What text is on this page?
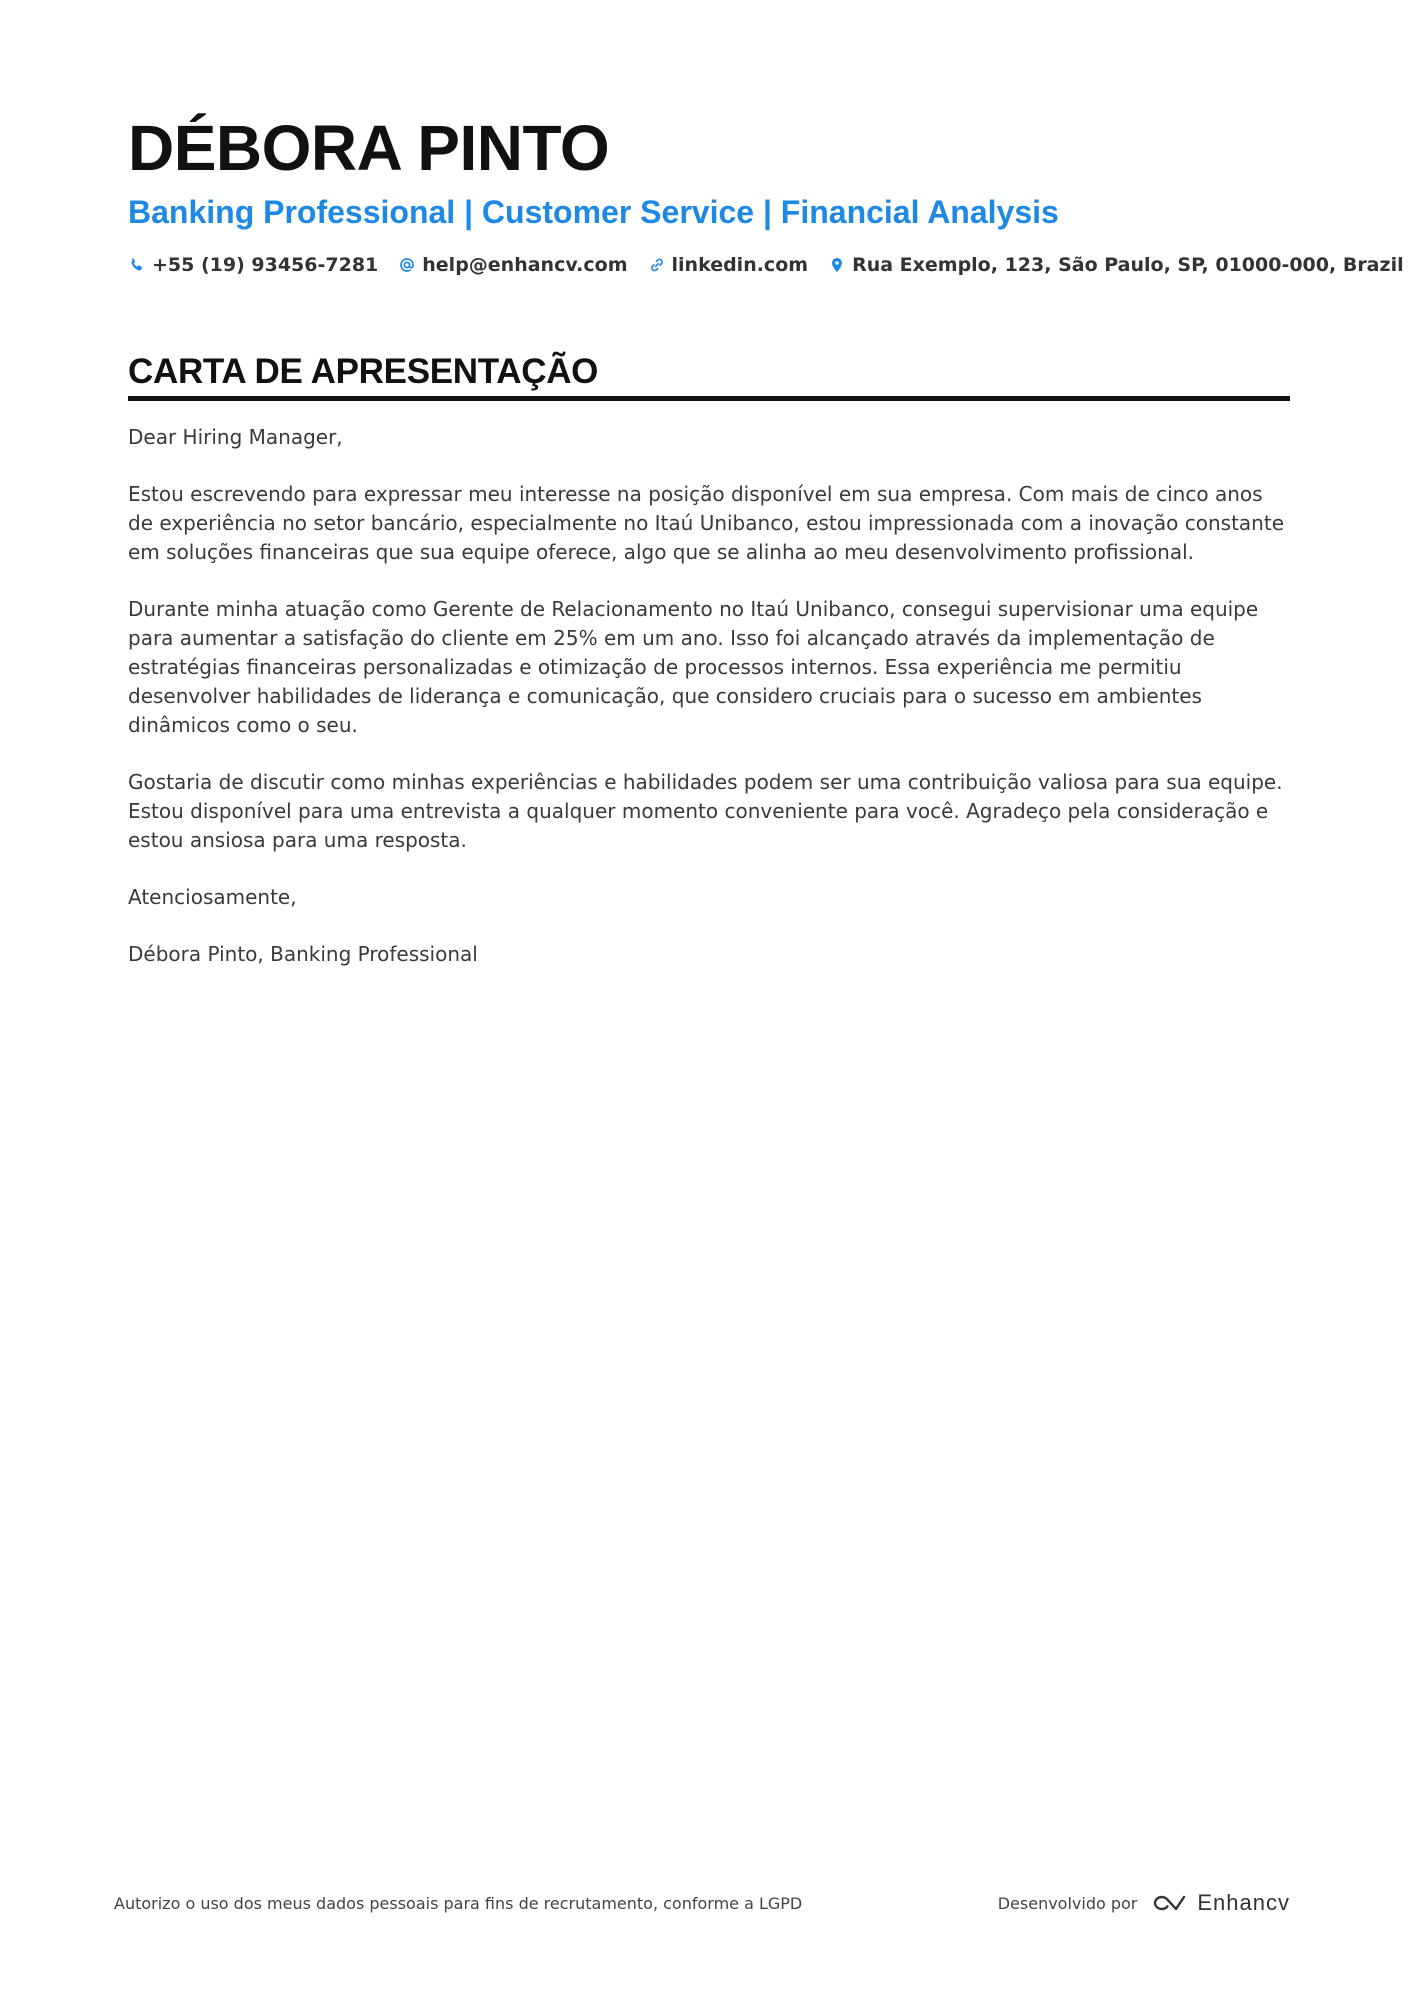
DÉBORA PINTO
Banking Professional | Customer Service | Financial Analysis
+55 (19) 93456-7281 help@enhancv.com linkedin.com Rua Exemplo, 123, São Paulo, SP, 01000-000, Brazil
CARTA DE APRESENTAÇÃO

Dear Hiring Manager,

Estou escrevendo para expressar meu interesse na posição disponível em sua empresa. Com mais de cinco anos de experiência no setor bancário, especialmente no Itaú Unibanco, estou impressionada com a inovação constante em soluções financeiras que sua equipe oferece, algo que se alinha ao meu desenvolvimento profissional.

Durante minha atuação como Gerente de Relacionamento no Itaú Unibanco, consegui supervisionar uma equipe para aumentar a satisfação do cliente em 25% em um ano. Isso foi alcançado através da implementação de estratégias financeiras personalizadas e otimização de processos internos. Essa experiência me permitiu desenvolver habilidades de liderança e comunicação, que considero cruciais para o sucesso em ambientes dinâmicos como o seu.

Gostaria de discutir como minhas experiências e habilidades podem ser uma contribuição valiosa para sua equipe. Estou disponível para uma entrevista a qualquer momento conveniente para você. Agradeço pela consideração e estou ansiosa para uma resposta.

Atenciosamente,

Débora Pinto, Banking Professional

Autorizo o uso dos meus dados pessoais para fins de recrutamento, conforme a LGPD	Desenvolvido por	Enhancv
